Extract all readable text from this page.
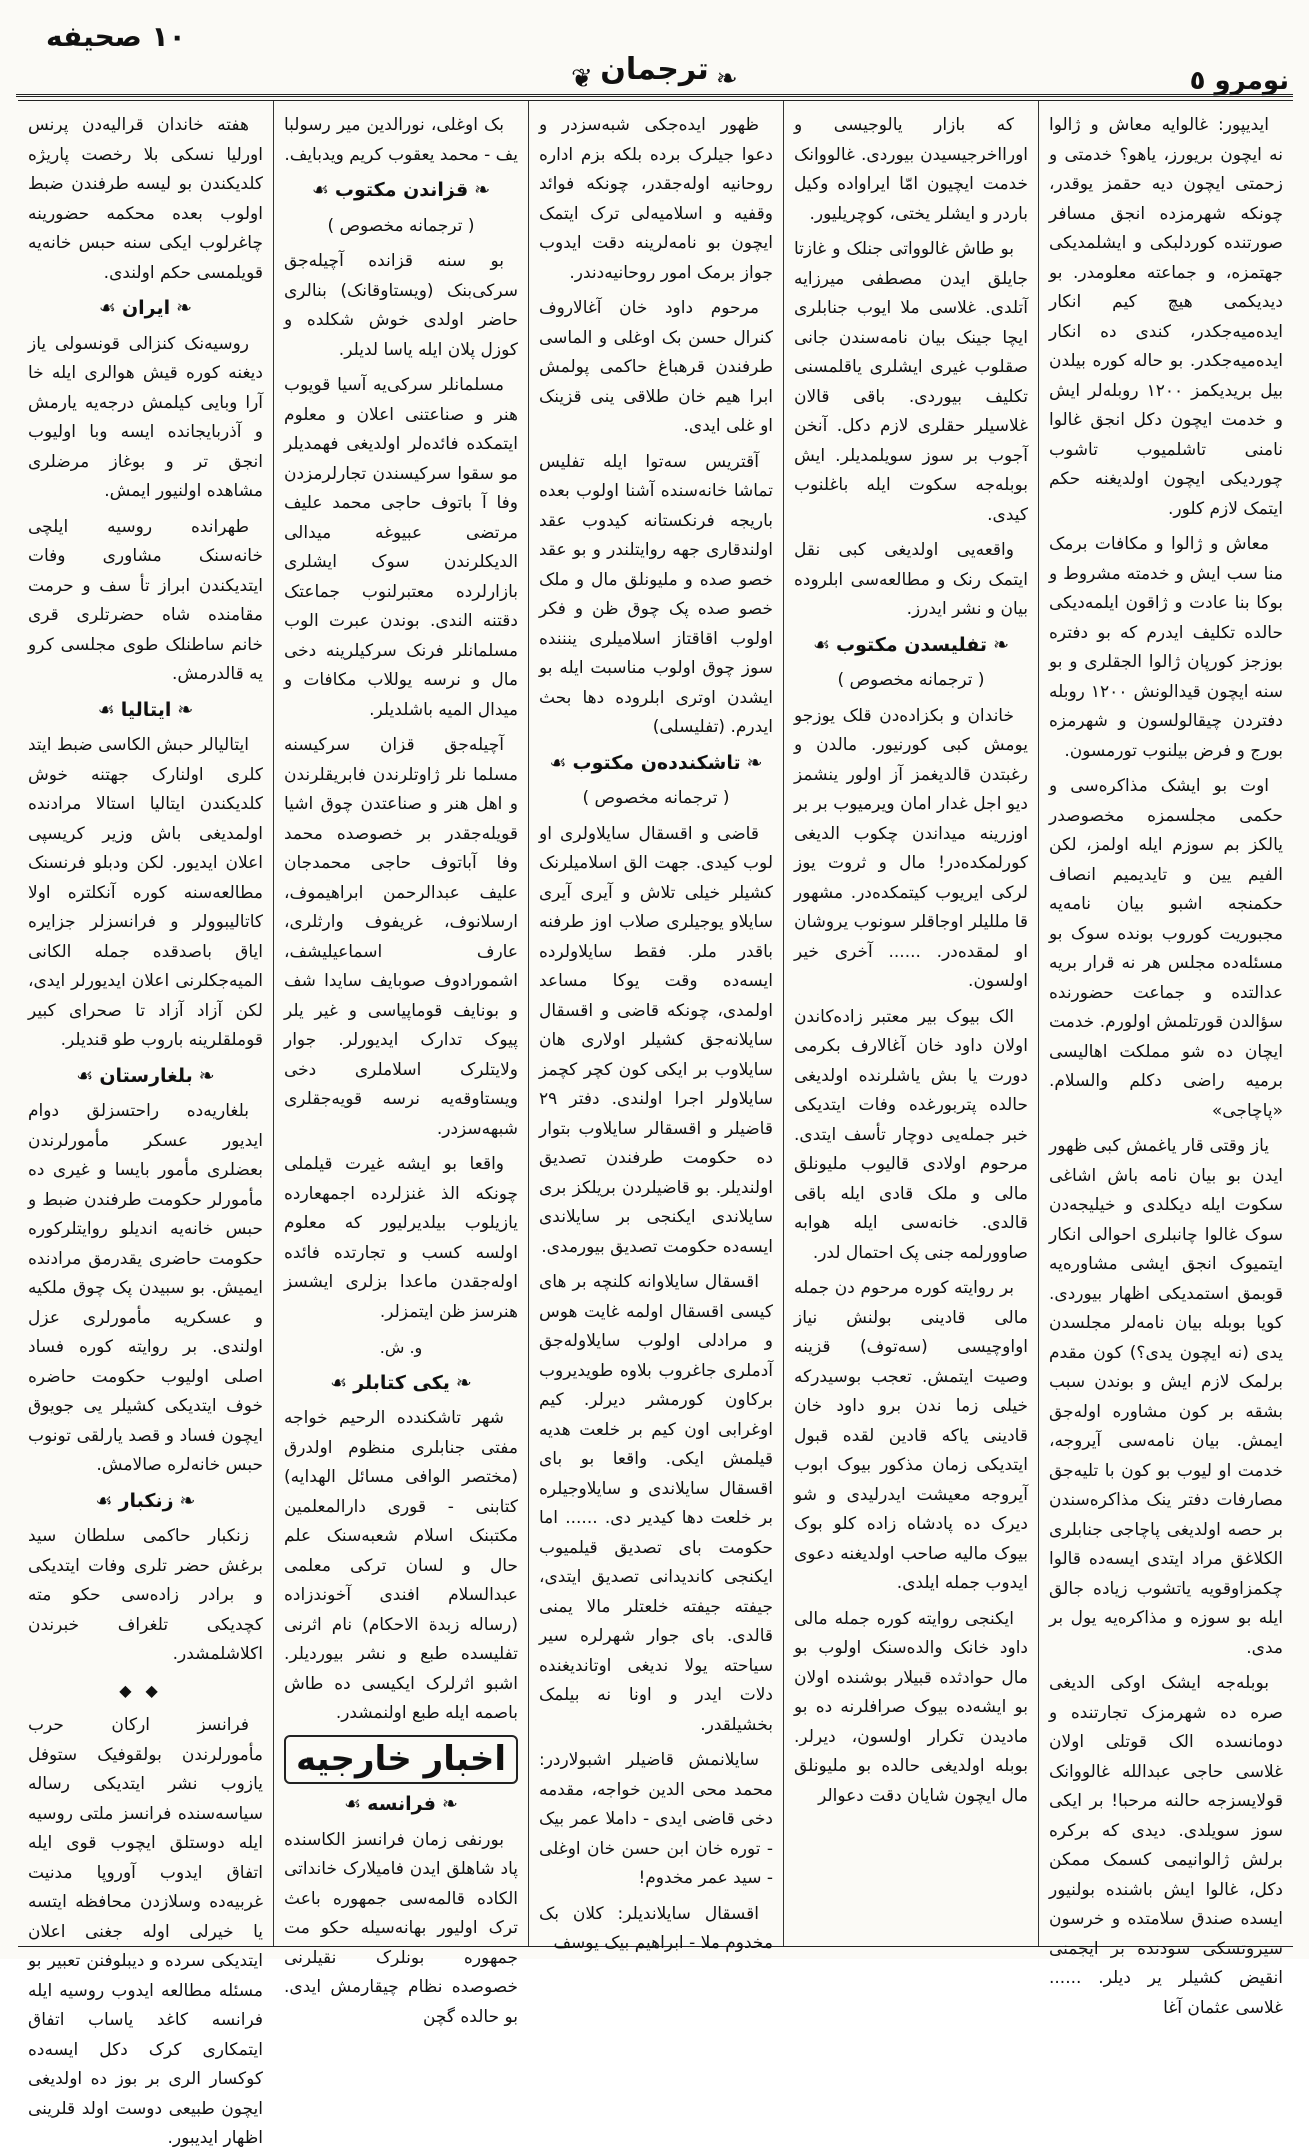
نومرو ٥
❦ ترجمان ❧
١٠ صحیفه

ایدیپور: غالوایه معاش و ژالوا نه ایچون بریورز، یاهو؟ خدمتی و زحمتی ایچون دیه حقمز یوقدر، چونکه شهرمزده انجق مسافر صورتنده کوردلبکی و ایشلمدیکی جهتمزه، و جماعته معلومدر. بو دیدیکمی هیچ کیم انکار ایده‌میه‌جکدر، کندی ده انکار ایده‌میه‌جکدر. بو حاله کوره بیلدن بیل بریدیکمز ۱۲۰۰ روبله‌لر ایش و خدمت ایچون دکل انجق غالوا نامنی تاشلمیوب تاشوب چوردیکی ایچون اولدیغنه حکم ایتمک لازم کلور.

معاش و ژالوا و مکافات برمک منا سب ایش و خدمته مشروط و بوکا بنا عادت و ژاقون ایلمه‌دیکی حالده تکلیف ایدرم که بو دفتره بوز‌جز کورپان ژالوا الجقلری و بو سنه ایچون قیدالونش ۱۲۰۰ روبله دفتردن چیقالولسون و شهرمزه بورج و فرض بیلنوب تورمسون.

اوت بو ایشک مذاکره‌سی و حکمی مجلسمزه مخصوصدر یالکز بم سوزم ایله اولمز، لکن الفیم یین و تایدیمیم انصاف حکمنجه اشبو بیان نامه‌یه مجبوریت کوروب بونده سوک بو مسئله‌ده مجلس هر نه قرار بریه عدالتده و جماعت حضورنده سؤالدن قورتلمش اولورم. خدمت ایچان ده شو مملکت اهالیسی برمیه راضی دکلم والسلام. «پاچاجی»

یاز وقتی قار یاغمش کبی ظهور ایدن بو بیان نامه باش اشاغی سکوت ایله دیکلدی و خیلیجه‌دن سوک غالوا چانبلری احوالی انکار ایتمیوک انجق ایشی مشاوره‌یه قوبمق استمدیکی اظهار بیوردی. کویا بوبله بیان نامه‌لر مجلسدن یدی (نه ایچون یدی؟) کون مقدم برلمک لازم ایش و بوندن سبب بشقه بر کون مشاوره اوله‌جق ایمش. بیان نامه‌سی آیروجه، خدمت او لیوب بو کون با تلیه‌جق مصارفات دفتر ینک مذاکره‌سندن بر حصه اولدیغی پاچاجی جنابلری الکلاغق مراد ایتدی ایسه‌ده قالوا چکمزاوقویه یاتشوب زیاده جالق ایله بو سوزه و مذاکره‌یه یول بر مدی.

بوبله‌جه ایشک اوکی الدیغی صره ده شهرمزک تجارتنده و دومانسده الک قوتلی اولان غلاسی حاجی عبدالله غالووانک قولایسزجه حالنه مرحبا! بر ایکی سوز سویلدی. دیدی که برکره برلش ژالوانیمی کسمک ممکن دکل، غالوا ایش باشنده بولنیور ایسده صندق سلامتده و خرسون سیروتسکی سودنده بر ایجمنی انقیض کشیلر یر دیلر. ...... غلاسی عثمان آغا

که بازار یالوجیسی و اورااخرجیسیدن بیوردی. غالووانک خدمت ایچیون امّا ایراواده وکیل باردر و ایشلر یختی، کوچریلیور.

بو طاش غالوواتی جنلک و غازتا جایلق ایدن مصطفی میرزایه آتلدی. غلاسی ملا ایوب جنابلری ایچا جینک بیان نامه‌سندن جانی صقلوب غیری ایشلری یاقلمسنی تکلیف بیوردی. باقی قالان غلاسیلر حقلری لازم دکل. آنخن آجوب بر سوز سویلمدیلر. ایش بوبله‌جه سکوت ایله باغلنوب کیدی.

واقعه‌یی اولدیغی کبی نقل ایتمک رنک و مطالعه‌سی ابلروده بیان و نشر ایدرز.

❧تفلیسدن مکتوب☙

( ترجمانه مخصوص )

خاندان و بکزاده‌دن قلک یوزجو یومش کبی کورنیور. مالدن و رغبتدن قالدیغمز آز اولور ینشمز دیو اجل غدار امان ویرمیوب بر بر اوزرینه میداندن چکوب الدیغی کورلمکده‌در! مال و ثروت یوز لرکی ایریوب کیتمکده‌در. مشهور قا مللیلر اوجاقلر سونوب یروشان او لمقده‌در. ...... آخری خیر اولسون.

الک بیوک بیر معتبر زاده‌کاندن اولان داود خان آغالارف بکرمی دورت یا بش یاشلرنده اولدیغی حالده پتربورغده وفات ایتدیکی خبر جمله‌یی دوچار تأسف ایتدی. مرحوم اولادی قالیوب ملیونلق مالی و ملک قادی ایله باقی قالدی. خانه‌سی ایله هوابه صاوورلمه جنی پک احتمال لدر.

بر روایته کوره مرحوم دن جمله مالی قادینی بولنش نیاز اواوچیسی (سه‌توف) قزینه وصیت ایتمش. تعجب بوسیدرکه خیلی زما ندن برو داود خان قادینی یاکه قادین لقده قبول ایتدیکی زمان مذکور بیوک ابوب آیروجه معیشت ایدرلیدی و شو دیرک ده پادشاه زاده کلو بوک بیوک مالیه صاحب اولدیغنه دعوی ایدوب جمله ایلدی.

ایکنجی روایته کوره جمله مالی داود خانک والده‌سنک اولوب بو مال حوادثده قبیلار بوشنده اولان بو ایشه‌ده بیوک صرافلرنه ده بو مادیدن تکرار اولسون، دیرلر. بوبله اولدیغی حالده بو ملیونلق مال ایچون شایان دقت دعوالر

ظهور ایده‌جکی شبه‌سزدر و دعوا جیلرک برده بلکه بزم اداره روحانیه اوله‌جقدر، چونکه فوائد وقفیه و اسلامیه‌لی ترک ایتمک ایچون بو نامه‌لرینه دقت ایدوب جواز برمک امور روحانیه‌دندر.

مرحوم داود خان آغالاروف کنرال حسن بک اوغلی و الماسی طرفندن قرهباغ حاکمی پولمش ابرا هیم خان طلاقی ینی قزینک او غلی ایدی.

آقتریس سه‌توا ایله تفلیس تماشا خانه‌سنده آشنا اولوب بعده باریجه فرنکستانه کیدوب عقد اولندقاری جهه روایتلندر و بو عقد خصو صده و ملیونلق مال و ملک خصو صده پک چوق ظن و فکر اولوب اقاقتاز اسلامیلری ینننده سوز چوق اولوب مناسبت ایله بو ایشدن اوتری ابلروده دها بحث ایدرم. (تفلیسلی)

❧تاشکندده‌ن مکتوب☙

( ترجمانه مخصوص )

قاضی و اقسقال سایلاولری او لوب کیدی. جهت الق اسلامیلرنک کشیلر خیلی تلاش و آیری آیری سایلاو یوجیلری صلاب اوز طرفنه باقدر ملر. فقط سایلاولرده ایسه‌ده وقت یوکا مساعد اولمدی، چونکه قاضی و اقسقال سایلانه‌جق کشیلر اولاری هان سایلاوب بر ایکی کون کچر کچمز سایلاولر اجرا اولندی. دفتر ۲۹ قاضیلر و اقسقالر سایلاوب بتوار ده حکومت طرفندن تصدیق اولندیلر. بو قاضیلردن بریلکز بری سایلاندی ایکنجی بر سایلاندی ایسه‌ده حکومت تصدیق بیورمدی.

اقسقال سایلاوانه کلنچه بر های کیسی اقسقال اولمه غایت هوس و مرادلی اولوب سایلاوله‌جق آدملری جاغروب بلاوه طویدیروب برکاون کورمشر دیرلر. کیم اوغرابی اون کیم بر خلعت هدیه قیلمش ایکی. واقعا بو بای اقسقال سایلاندی و سایلاو‌جیلره بر خلعت دها کیدیر دی. ...... اما حکومت بای تصدیق قیلمیوب ایکنجی کاندیدانی تصدیق ایتدی، جیفته جیفته خلعتلر مالا یمنی قالدی. بای جوار شهرلره سیر سیاحته یولا ندیغی اوتاندیغنده دلات ایدر و اونا نه بیلمک بخشیلقدر.

سایلانمش قاضیلر اشبولاردر: محمد محی الدین خواجه، مقدمه دخی قاضی ایدی - داملا عمر بیک - توره خان ابن حسن خان اوغلی - سید عمر مخدوم!

اقسقال سایلاندیلر: کلان بک مخدوم ملا - ابراهیم بیک یوسف

بک اوغلی، نورالدین میر رسولبا یف - محمد یعقوب کریم ویدبایف.

❧قزاندن مکتوب☙

( ترجمانه مخصوص )

بو سنه قزانده آچیله‌جق سرکی‌بنک (ویستاوقانک) بنالری حاضر اولدی خوش شکلده و کوزل پلان ایله یاسا لدیلر.

مسلمانلر سرکی‌یه آسیا قویوب هنر و صناعتنی اعلان و معلوم ایتمکده فائده‌لر اولدیغی فهمدیلر مو سقوا سرکیسندن تجارلرمزدن وفا آ باتوف حاجی محمد علیف مرتضی عبیوغه میدالی الدیکلرندن سوک ایشلری بازارلرده معتبرلنوب جماعتک دقتنه الندی. بوندن عبرت الوب مسلمانلر فرنک سرکیلرینه دخی مال و نرسه یوللاب مکافات و میدال المیه باشلدیلر.

آچیله‌جق قزان سرکیسنه مسلما نلر ژاوتلرندن فابریقلرندن و اهل هنر و صناعتدن چوق اشیا قویله‌جقدر بر خصوصده محمد وفا آباتوف حاجی محمدجان علیف عبدالرحمن ابراهیموف، ارسلانوف، غریفوف وارثلری، عارف اسماعیلیشف، اشمورادوف صوبایف سایدا شف و بونایف قوماپیاسی و غیر یلر پیوک تدارک ایدیورلر. جوار ولایتلرک اسلاملری دخی ویستاوقه‌یه نرسه قویه‌جقلری شبهه‌سزدر.

واقعا بو ایشه غیرت قیلملی چونکه الذ غنزلرده اجمهعارده یازیلوب بیلدیرلیور که معلوم اولسه کسب و تجارتده فائده اوله‌جقدن ماعدا بزلری ایشسز هنرسز ظن ایتمزلر.

و. ش.

❧یکی کتابلر☙

شهر تاشکندده الرحیم خواجه مفتی جنابلری منظوم اولدرق (مختصر الوافی مسائل الهدایه) کتابنی - قوری دارالمعلمین مکتبنک اسلام شعبه‌سنک علم حال و لسان ترکی معلمی عبدالسلام افندی آخوندزاده (رساله زبدة الاحکام) نام اثرنی تفلیسده طبع و نشر بیوردیلر. اشبو اثرلرک ایکیسی ده طاش باصمه ایله طبع اولنمشدر.

اخبار خارجیه

❧فرانسه☙

بورنفی زمان فرانسز الکاسنده پاد شاهلق ایدن فامیلارک خانداتی الکاده قالمه‌سی جمهوره باعث ترک اولیور بهانه‌سیله حکو مت جمهوره بونلرک نقیلرنی خصوصده نظام چیقارمش ایدی. بو حالده گچن

هفته خاندان قرالیه‌دن پرنس اورلیا نسکی بلا رخصت پاریژه کلدیکندن بو لیسه طرفندن ضبط اولوب بعده محکمه حضورینه چاغرلوب ایکی سنه حبس خانه‌یه قویلمسی حکم اولندی.

❧ایران☙

روسیه‌نک کنزالی قونسولی یاز دیغنه کوره قیش هوالری ایله خا آرا وبایی کیلمش درجه‌یه یارمش و آذربایجانده ایسه وبا اولیوب انجق تر و بوغاز مرضلری مشاهده اولنیور ایمش.

طهرانده روسیه ایلچی خانه‌سنک مشاوری وفات ایتدیکندن ابراز تأ سف و حرمت مقامنده شاه حضرتلری قری خانم ساطنلک طوی مجلسی کرو یه قالدرمش.

❧ایتالیا☙

ایتالیالر حبش الکاسی ضبط ایتد کلری اولنارک جهتنه خوش کلدیکندن ایتالیا استالا مرادنده اولمدیغی باش وزیر کریسپی اعلان ایدیور. لکن ودبلو فرنسنک مطالعه‌سنه کوره آنکلتره اولا کاتالیبوولر و فرانسزلر جزایره ایاق باصدقده جمله الکانی المیه‌جکلرنی اعلان ایدیورلر ایدی، لکن آزاد آزاد تا صحرای کبیر قوملقلرینه باروب طو قندیلر.

❧بلغارستان☙

بلغاریه‌ده راحتسزلق دوام ایدیور عسکر مأمورلرندن بعضلری مأمور بایسا و غیری ده مأمورلر حکومت طرفندن ضبط و حبس خانه‌یه اندیلو روایتلرکوره حکومت حاضری یقدرمق مرادنده ایمیش. بو سبیدن پک چوق ملکیه و عسکریه مأمورلری عزل اولندی. بر روایته کوره فساد اصلی اولیوب حکومت حاضره خوف ایتدیکی کشیلر یی جویوق ایچون فساد و قصد یارلقی تونوب حبس خانه‌لره صالامش.

❧زنکبار☙

زنکبار حاکمی سلطان سید برغش حضر تلری وفات ایتدیکی و برادر زاده‌سی حکو مته کچدیکی تلغراف خبرندن اکلاشلمشدر.

◆◆

فرانسز ارکان حرب مأمورلرندن بولقوفیک ستوفل یازوب نشر ایتدیکی رساله سیاسه‌سنده فرانسز ملتی روسیه ایله دوستلق ایچوب قوی ایله اتفاق ایدوب آوروپا مدنیت غربیه‌ده وسلازدن محافظه ایتسه یا خیرلی اوله جغنی اعلان ایتدیکی سرده و دیبلوفنن تعبیر بو مسئله مطالعه ایدوب روسیه ایله فرانسه کاغد یاساب اتفاق ایتمکاری کرک دکل ایسه‌ده کوکسار الری بر بوز ده اولدیغی ایچون طبیعی دوست اولد قلرینی اظهار ایدیبور.
